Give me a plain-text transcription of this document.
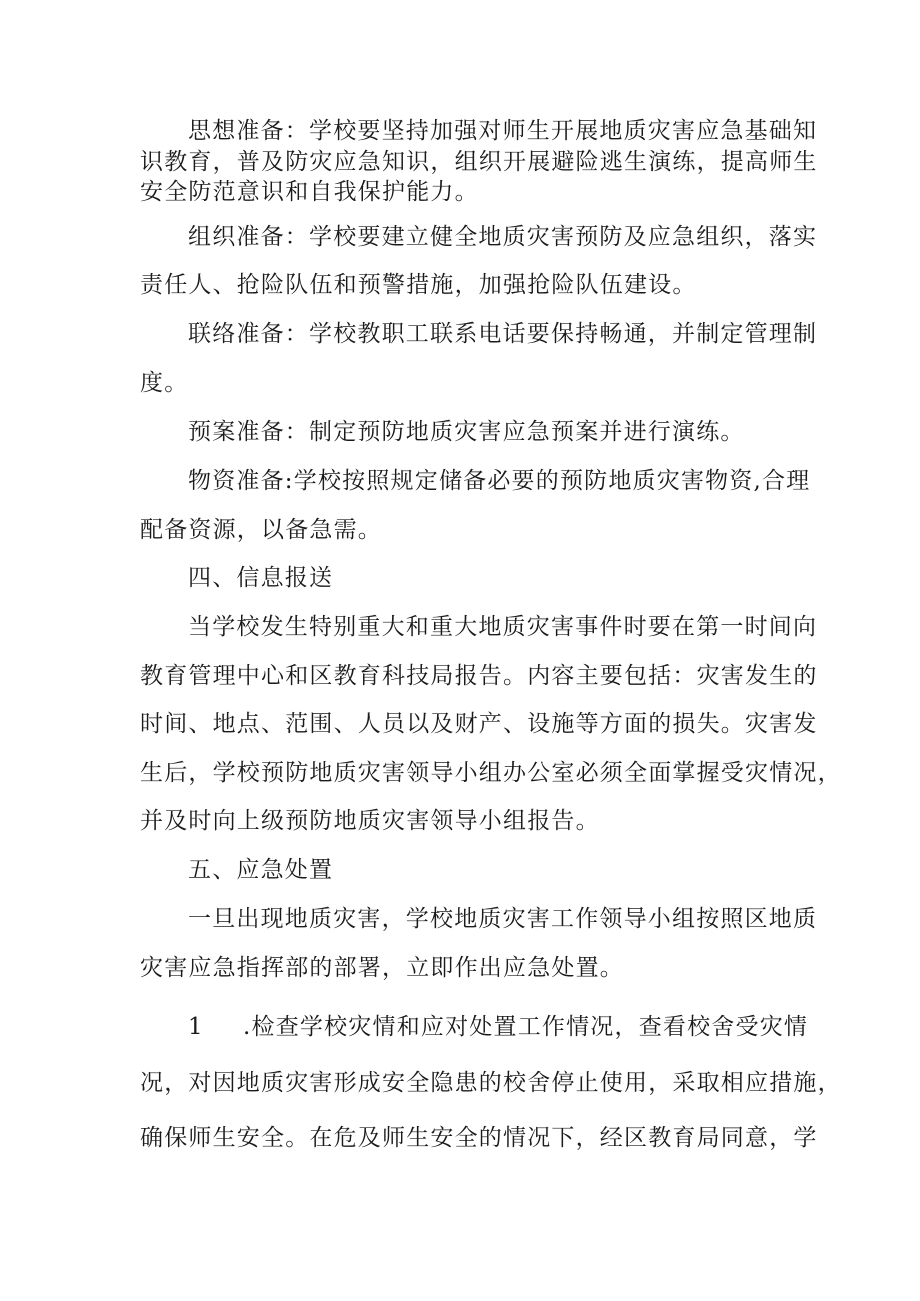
思想准备：学校要坚持加强对师生开展地质灾害应急基础知
识教育，普及防灾应急知识，组织开展避险逃生演练，提高师生
安全防范意识和自我保护能力。
组织准备：学校要建立健全地质灾害预防及应急组织，落实
责任人、抢险队伍和预警措施，加强抢险队伍建设。
联络准备：学校教职工联系电话要保持畅通，并制定管理制
度。
预案准备：制定预防地质灾害应急预案并进行演练。
物资准备:学校按照规定储备必要的预防地质灾害物资,合理
配备资源，以备急需。
四、信息报送
当学校发生特别重大和重大地质灾害事件时要在第一时间向
教育管理中心和区教育科技局报告。内容主要包括：灾害发生的
时间、地点、范围、人员以及财产、设施等方面的损失。灾害发
生后，学校预防地质灾害领导小组办公室必须全面掌握受灾情况，
并及时向上级预防地质灾害领导小组报告。
五、应急处置
一旦出现地质灾害，学校地质灾害工作领导小组按照区地质
灾害应急指挥部的部署，立即作出应急处置。
1 .检查学校灾情和应对处置工作情况，查看校舍受灾情
况，对因地质灾害形成安全隐患的校舍停止使用，采取相应措施，
确保师生安全。在危及师生安全的情况下，经区教育局同意，学
